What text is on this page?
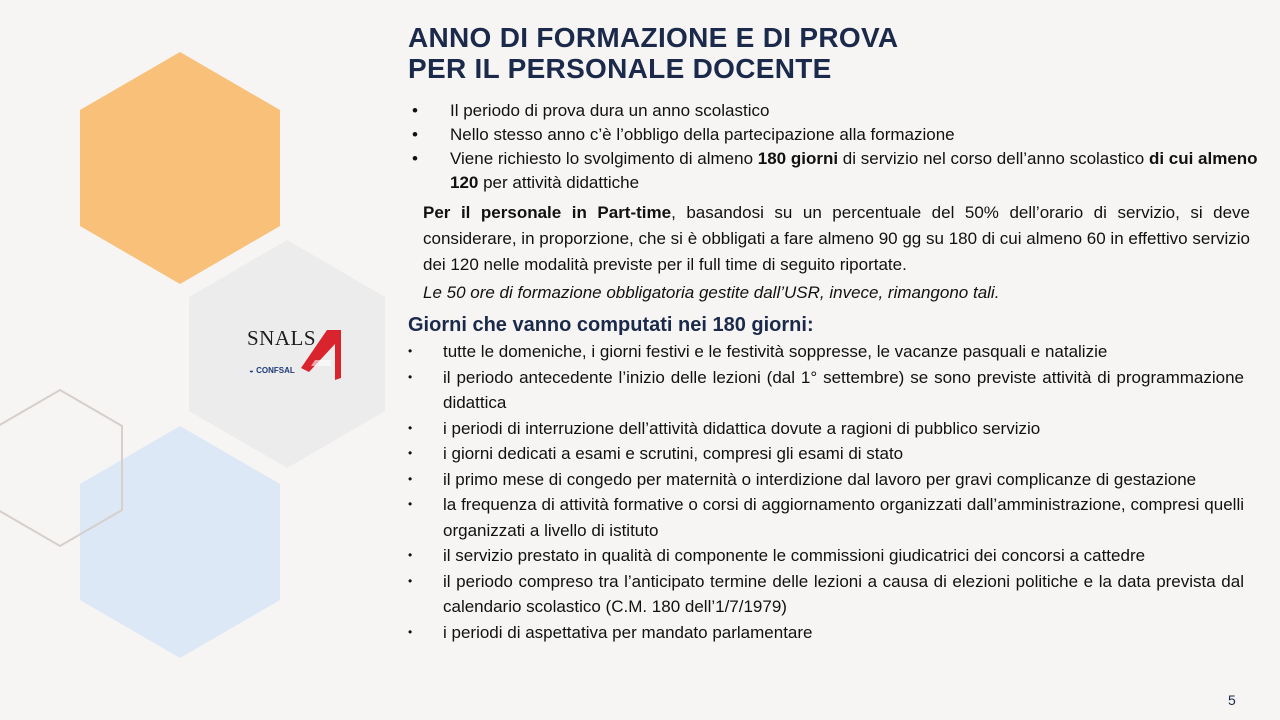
SNALS
◒ CONFSAL
ANNO DI FORMAZIONE E DI PROVA
PER IL PERSONALE DOCENTE
• Il periodo di prova dura un anno scolastico
• Nello stesso anno c’è l’obbligo della partecipazione alla formazione
• Viene richiesto lo svolgimento di almeno 180 giorni di servizio nel corso dell’anno scolastico di cui almeno 120 per attività didattiche

Per il personale in Part-time, basandosi su un percentuale del 50% dell’orario di servizio, si deve considerare, in proporzione, che si è obbligati a fare almeno 90 gg su 180 di cui almeno 60 in effettivo servizio dei 120 nelle modalità previste per il full time di seguito riportate.

Le 50 ore di formazione obbligatoria gestite dall’USR, invece, rimangono tali.

Giorni che vanno computati nei 180 giorni:
• tutte le domeniche, i giorni festivi e le festività soppresse, le vacanze pasquali e natalizie
• il periodo antecedente l’inizio delle lezioni (dal 1° settembre) se sono previste attività di programmazione didattica
• i periodi di interruzione dell’attività didattica dovute a ragioni di pubblico servizio
• i giorni dedicati a esami e scrutini, compresi gli esami di stato
• il primo mese di congedo per maternità o interdizione dal lavoro per gravi complicanze di gestazione
• la frequenza di attività formative o corsi di aggiornamento organizzati dall’amministrazione, compresi quelli organizzati a livello di istituto
• il servizio prestato in qualità di componente le commissioni giudicatrici dei concorsi a cattedre
• il periodo compreso tra l’anticipato termine delle lezioni a causa di elezioni politiche e la data prevista dal calendario scolastico (C.M. 180 dell’1/7/1979)
• i periodi di aspettativa per mandato parlamentare
5
